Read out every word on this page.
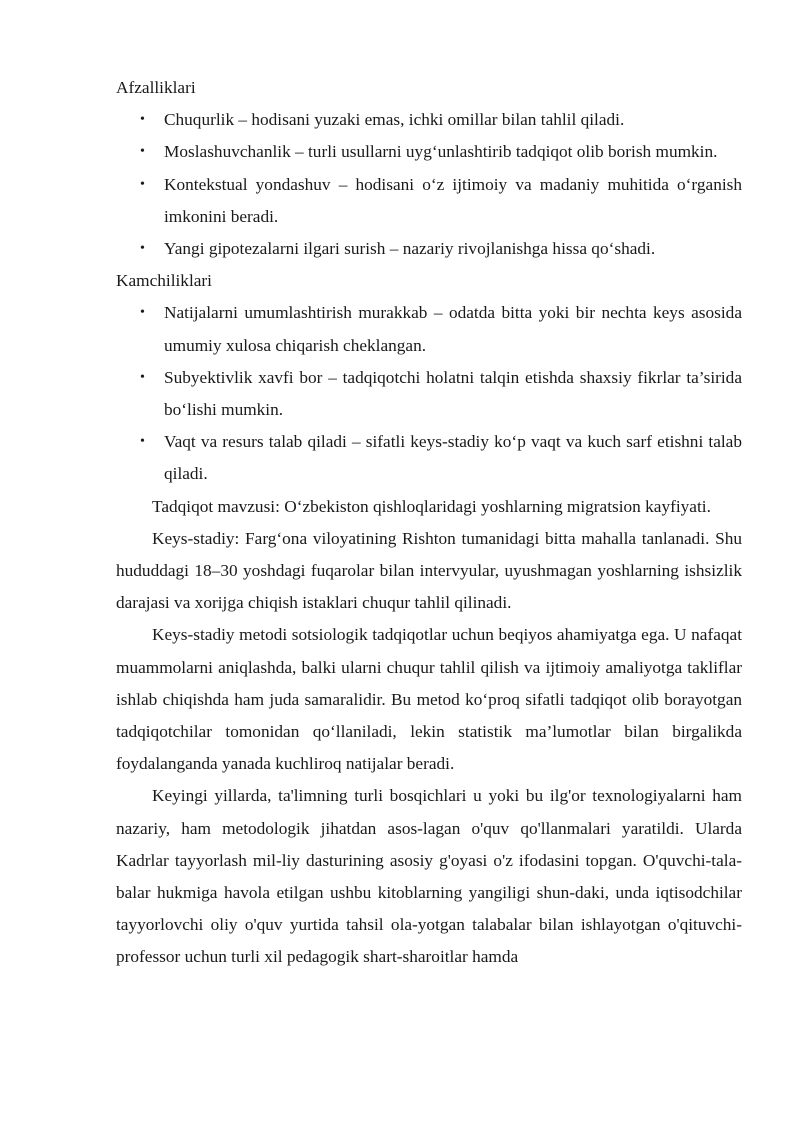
Afzalliklari
• Chuqurlik – hodisani yuzaki emas, ichki omillar bilan tahlil qiladi.
• Moslashuvchanlik – turli usullarni uyg‘unlashtirib tadqiqot olib borish mumkin.
• Kontekstual yondashuv – hodisani o‘z ijtimoiy va madaniy muhitida o‘rganish imkonini beradi.
• Yangi gipotezalarni ilgari surish – nazariy rivojlanishga hissa qo‘shadi.
Kamchiliklari
• Natijalarni umumlashtirish murakkab – odatda bitta yoki bir nechta keys asosida umumiy xulosa chiqarish cheklangan.
• Subyektivlik xavfi bor – tadqiqotchi holatni talqin etishda shaxsiy fikrlar ta’sirida bo‘lishi mumkin.
• Vaqt va resurs talab qiladi – sifatli keys-stadiy ko‘p vaqt va kuch sarf etishni talab qiladi.

Tadqiqot mavzusi: O‘zbekiston qishloqlaridagi yoshlarning migratsion kayfiyati.

Keys-stadiy: Farg‘ona viloyatining Rishton tumanidagi bitta mahalla tanlanadi. Shu hududdagi 18–30 yoshdagi fuqarolar bilan intervyular, uyushmagan yoshlarning ishsizlik darajasi va xorijga chiqish istaklari chuqur tahlil qilinadi.

Keys-stadiy metodi sotsiologik tadqiqotlar uchun beqiyos ahamiyatga ega. U nafaqat muammolarni aniqlashda, balki ularni chuqur tahlil qilish va ijtimoiy amaliyotga takliflar ishlab chiqishda ham juda samaralidir. Bu metod ko‘proq sifatli tadqiqot olib borayotgan tadqiqotchilar tomonidan qo‘llaniladi, lekin statistik ma’lumotlar bilan birgalikda foydalanganda yanada kuchliroq natijalar beradi.

Keyingi yillarda, ta'limning turli bosqichlari u yoki bu ilg'or texnologiyalarni ham nazariy, ham metodologik jihatdan asos-lagan o'quv qo'llanmalari yaratildi. Ularda Kadrlar tayyorlash mil-liy dasturining asosiy g'oyasi o'z ifodasini topgan. O'quvchi-tala-balar hukmiga havola etilgan ushbu kitoblarning yangiligi shun-daki, unda iqtisodchilar tayyorlovchi oliy o'quv yurtida tahsil ola-yotgan talabalar bilan ishlayotgan o'qituvchi-professor uchun turli xil pedagogik shart-sharoitlar hamda
